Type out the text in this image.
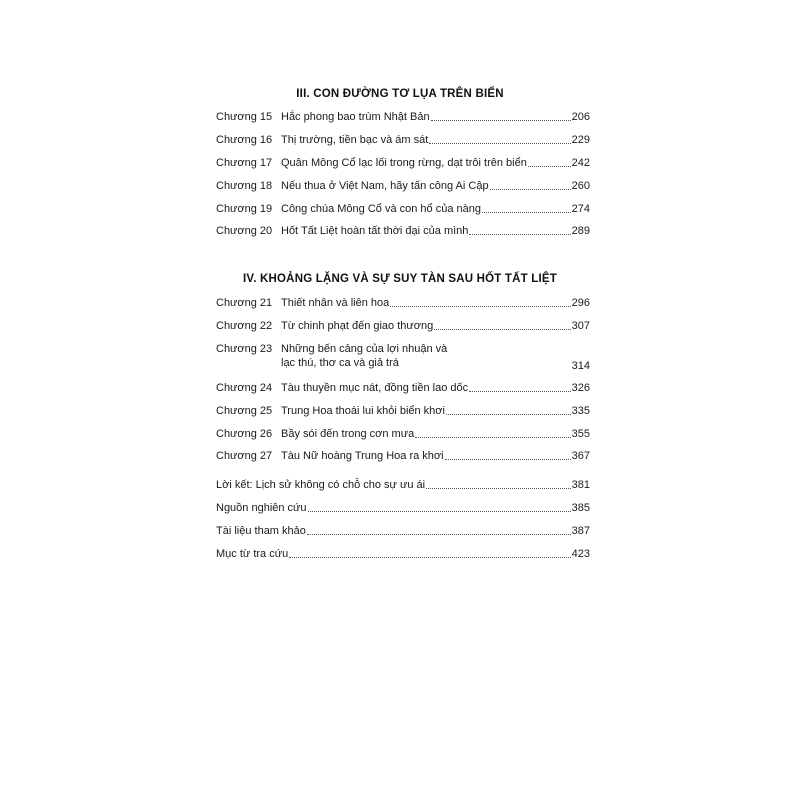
III. CON ĐƯỜNG TƠ LỤA TRÊN BIỂN
Chương 15 Hắc phong bao trùm Nhật Bản	206
Chương 16 Thị trường, tiền bạc và ám sát	229
Chương 17 Quân Mông Cổ lạc lối trong rừng, dạt trôi trên biển	242
Chương 18 Nếu thua ở Việt Nam, hãy tấn công Ai Cập	260
Chương 19 Công chúa Mông Cổ và con hổ của nàng	274
Chương 20 Hốt Tất Liệt hoàn tất thời đại của mình	289
IV. KHOẢNG LẶNG VÀ SỰ SUY TÀN SAU HỐT TẤT LIỆT
Chương 21 Thiết nhân và liên hoa	296
Chương 22 Từ chinh phạt đến giao thương	307
Chương 23 Những bến cảng của lợi nhuận và
lạc thú, thơ ca và giả trá	314
Chương 24 Tàu thuyền mục nát, đồng tiền lao dốc	326
Chương 25 Trung Hoa thoái lui khỏi biển khơi	335
Chương 26 Bầy sói đến trong cơn mưa	355
Chương 27 Tàu Nữ hoàng Trung Hoa ra khơi	367
Lời kết: Lịch sử không có chỗ cho sự ưu ái	381
Nguồn nghiên cứu	385
Tài liệu tham khảo	387
Mục từ tra cứu	423
